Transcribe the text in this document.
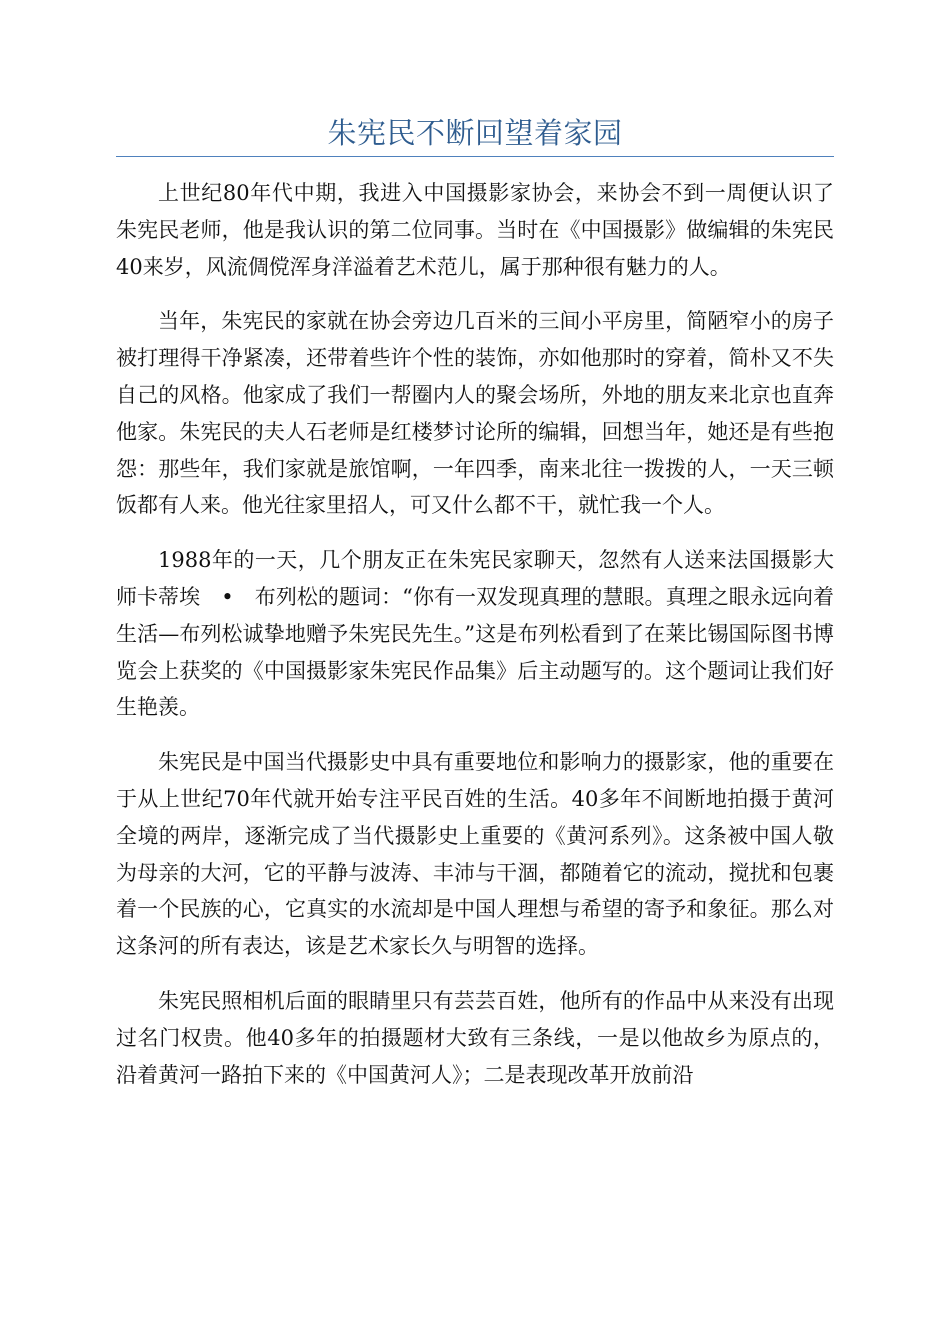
朱宪民不断回望着家园

上世纪80年代中期，我进入中国摄影家协会，来协会不到一周便认识了朱宪民老师，他是我认识的第二位同事。当时在《中国摄影》做编辑的朱宪民40来岁，风流倜傥浑身洋溢着艺术范儿，属于那种很有魅力的人。

当年，朱宪民的家就在协会旁边几百米的三间小平房里，简陋窄小的房子被打理得干净紧凑，还带着些许个性的装饰，亦如他那时的穿着，简朴又不失自己的风格。他家成了我们一帮圈内人的聚会场所，外地的朋友来北京也直奔他家。朱宪民的夫人石老师是红楼梦讨论所的编辑，回想当年，她还是有些抱怨：那些年，我们家就是旅馆啊，一年四季，南来北往一拨拨的人，一天三顿饭都有人来。他光往家里招人，可又什么都不干，就忙我一个人。

1988年的一天，几个朋友正在朱宪民家聊天，忽然有人送来法国摄影大师卡蒂埃　•　布列松的题词：“你有一双发现真理的慧眼。真理之眼永远向着生活—布列松诚挚地赠予朱宪民先生。”这是布列松看到了在莱比锡国际图书博览会上获奖的《中国摄影家朱宪民作品集》后主动题写的。这个题词让我们好生艳羡。

朱宪民是中国当代摄影史中具有重要地位和影响力的摄影家，他的重要在于从上世纪70年代就开始专注平民百姓的生活。40多年不间断地拍摄于黄河全境的两岸，逐渐完成了当代摄影史上重要的《黄河系列》。这条被中国人敬为母亲的大河，它的平静与波涛、丰沛与干涸，都随着它的流动，搅扰和包裹着一个民族的心，它真实的水流却是中国人理想与希望的寄予和象征。那么对这条河的所有表达，该是艺术家长久与明智的选择。

朱宪民照相机后面的眼睛里只有芸芸百姓，他所有的作品中从来没有出现过名门权贵。他40多年的拍摄题材大致有三条线，一是以他故乡为原点的，沿着黄河一路拍下来的《中国黄河人》；二是表现改革开放前沿
